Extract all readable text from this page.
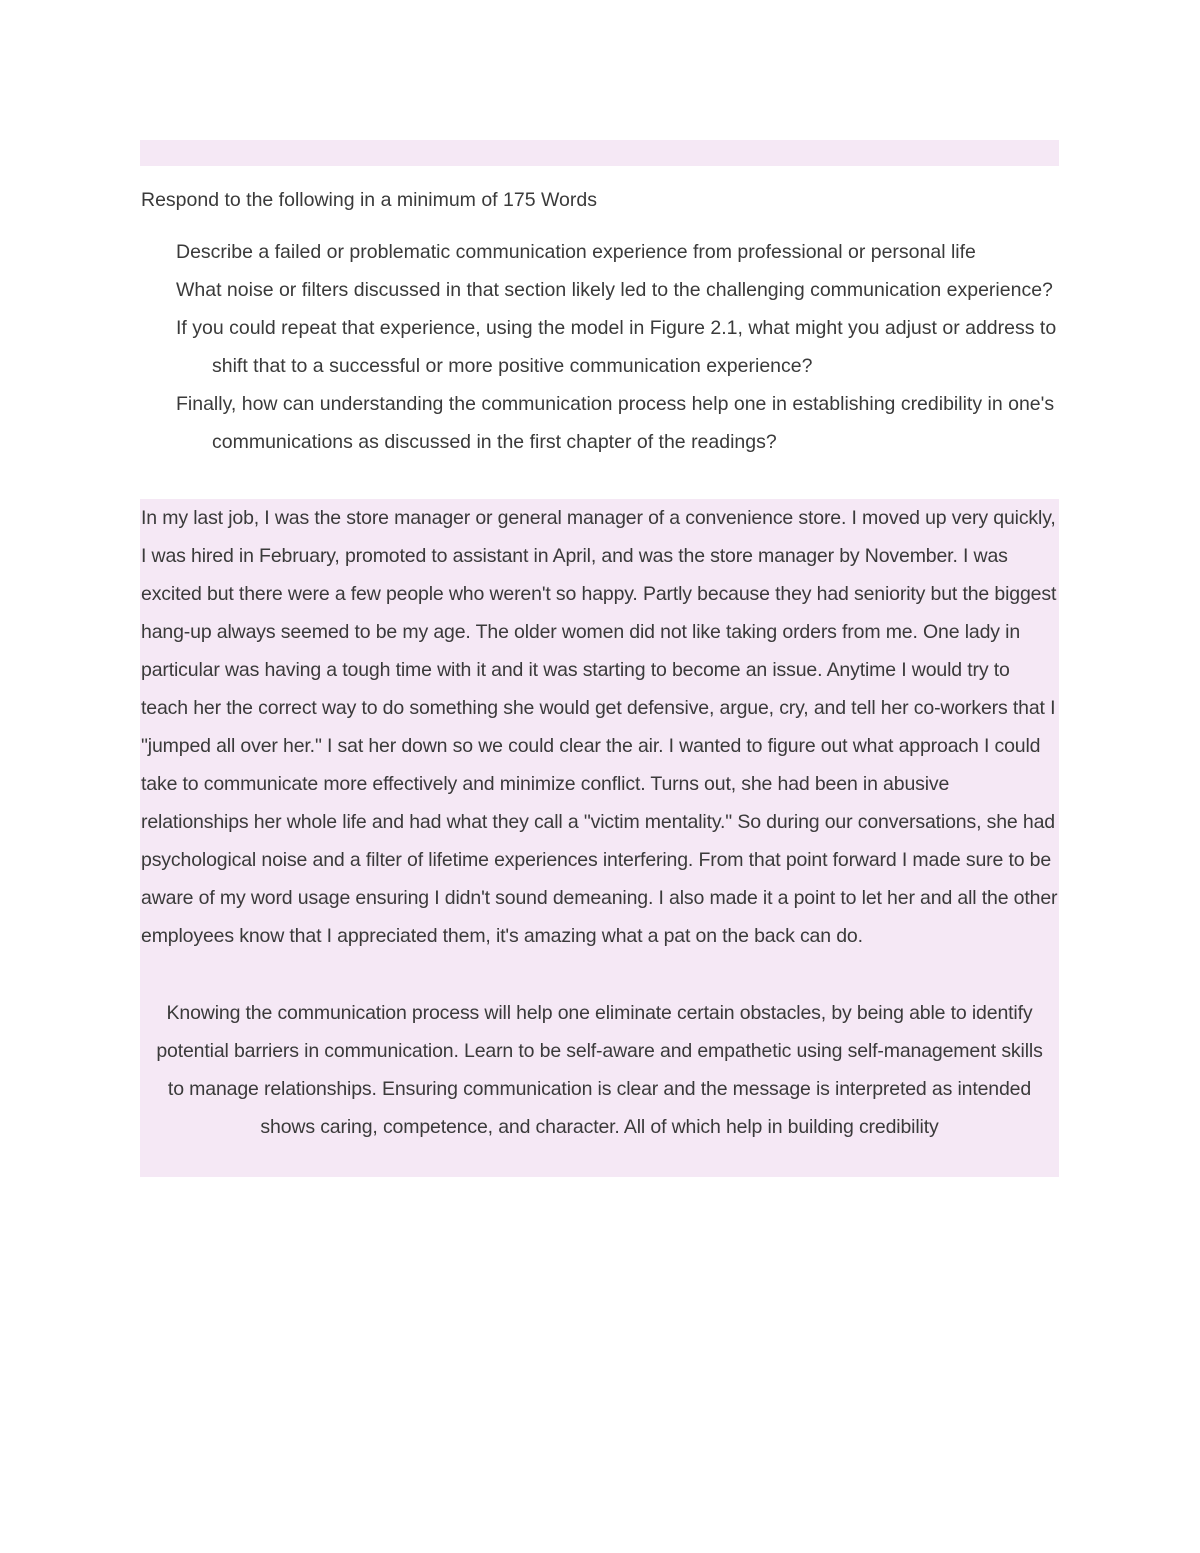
Respond to the following in a minimum of 175 Words
Describe a failed or problematic communication experience from professional or personal life
What noise or filters discussed in that section likely led to the challenging communication experience?
If you could repeat that experience, using the model in Figure 2.1, what might you adjust or address to shift that to a successful or more positive communication experience?
Finally, how can understanding the communication process help one in establishing credibility in one's communications as discussed in the first chapter of the readings?

In my last job, I was the store manager or general manager of a convenience store. I moved up very quickly, I was hired in February, promoted to assistant in April, and was the store manager by November. I was excited but there were a few people who weren't so happy. Partly because they had seniority but the biggest hang-up always seemed to be my age. The older women did not like taking orders from me. One lady in particular was having a tough time with it and it was starting to become an issue. Anytime I would try to teach her the correct way to do something she would get defensive, argue, cry, and tell her co-workers that I "jumped all over her." I sat her down so we could clear the air. I wanted to figure out what approach I could take to communicate more effectively and minimize conflict. Turns out, she had been in abusive relationships her whole life and had what they call a "victim mentality." So during our conversations, she had psychological noise and a filter of lifetime experiences interfering. From that point forward I made sure to be aware of my word usage ensuring I didn't sound demeaning. I also made it a point to let her and all the other employees know that I appreciated them, it's amazing what a pat on the back can do.

Knowing the communication process will help one eliminate certain obstacles, by being able to identify potential barriers in communication. Learn to be self-aware and empathetic using self-management skills to manage relationships. Ensuring communication is clear and the message is interpreted as intended shows caring, competence, and character. All of which help in building credibility
